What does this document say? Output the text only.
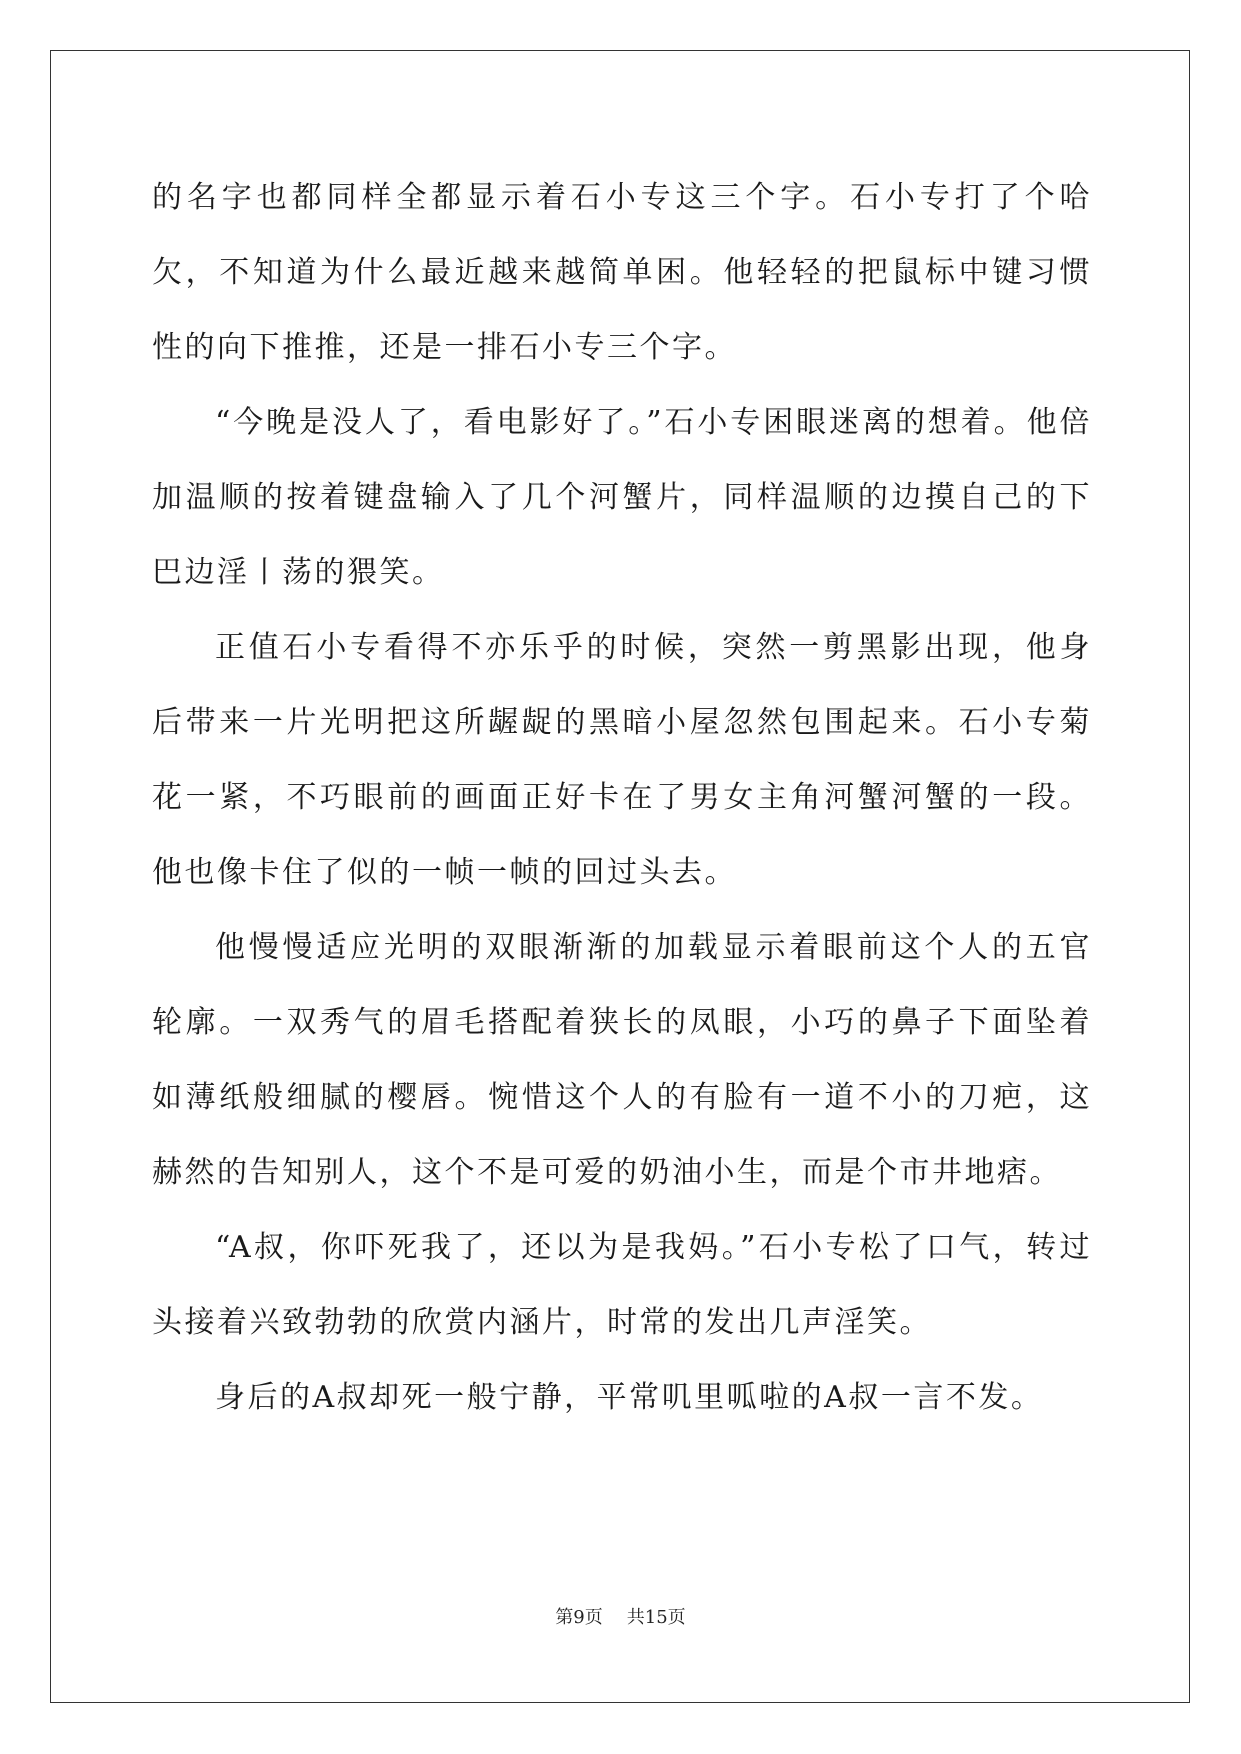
的名字也都同样全都显示着石小专这三个字。石小专打了个哈欠，不知道为什么最近越来越简单困。他轻轻的把鼠标中键习惯性的向下推推，还是一排石小专三个字。

“今晚是没人了，看电影好了。”石小专困眼迷离的想着。他倍加温顺的按着键盘输入了几个河蟹片，同样温顺的边摸自己的下巴边淫丨荡的猥笑。

正值石小专看得不亦乐乎的时候，突然一剪黑影出现，他身后带来一片光明把这所龌龊的黑暗小屋忽然包围起来。石小专菊花一紧，不巧眼前的画面正好卡在了男女主角河蟹河蟹的一段。他也像卡住了似的一帧一帧的回过头去。

他慢慢适应光明的双眼渐渐的加载显示着眼前这个人的五官轮廓。一双秀气的眉毛搭配着狭长的凤眼，小巧的鼻子下面坠着如薄纸般细腻的樱唇。惋惜这个人的有脸有一道不小的刀疤，这赫然的告知别人，这个不是可爱的奶油小生，而是个市井地痞。

“A叔，你吓死我了，还以为是我妈。”石小专松了口气，转过头接着兴致勃勃的欣赏内涵片，时常的发出几声淫笑。

身后的A叔却死一般宁静，平常叽里呱啦的A叔一言不发。

第9页 共15页
